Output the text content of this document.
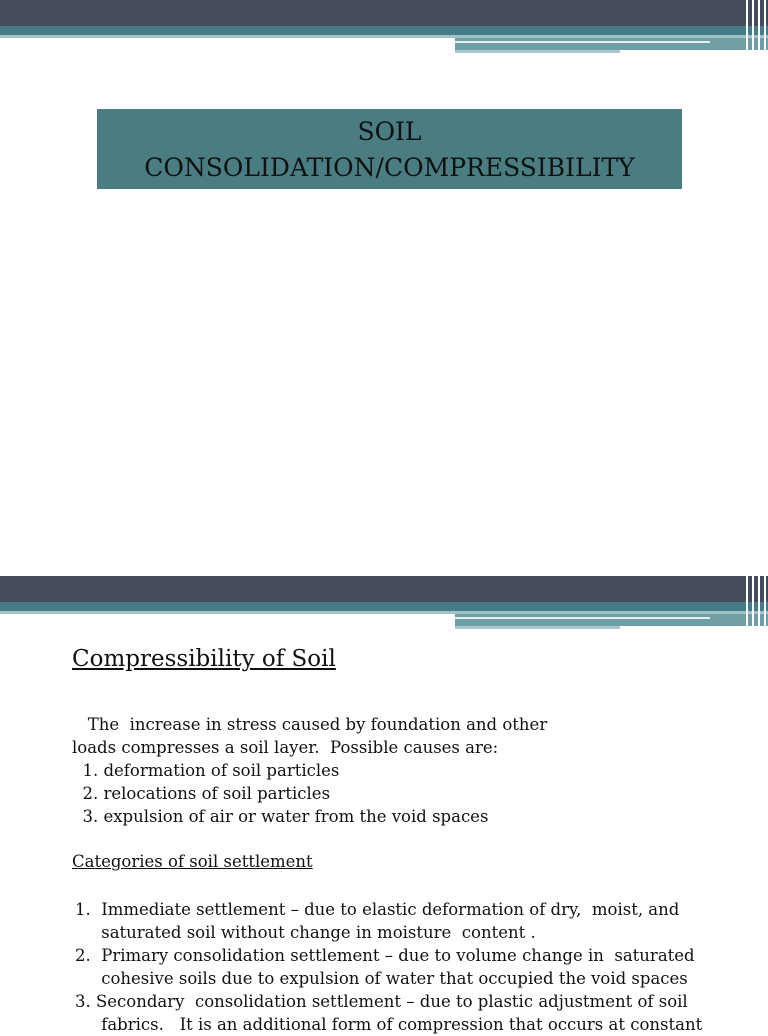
SOIL
CONSOLIDATION/COMPRESSIBILITY
Compressibility of Soil
The  increase in stress caused by foundation and other
loads compresses a soil layer.  Possible causes are:
1. deformation of soil particles
2. relocations of soil particles
3. expulsion of air or water from the void spaces
Categories of soil settlement
1.  Immediate settlement – due to elastic deformation of dry,  moist, and
saturated soil without change in moisture  content .
2.  Primary consolidation settlement – due to volume change in  saturated
cohesive soils due to expulsion of water that occupied the void spaces
3. Secondary  consolidation settlement – due to plastic adjustment of soil
fabrics.   It is an additional form of compression that occurs at constant
